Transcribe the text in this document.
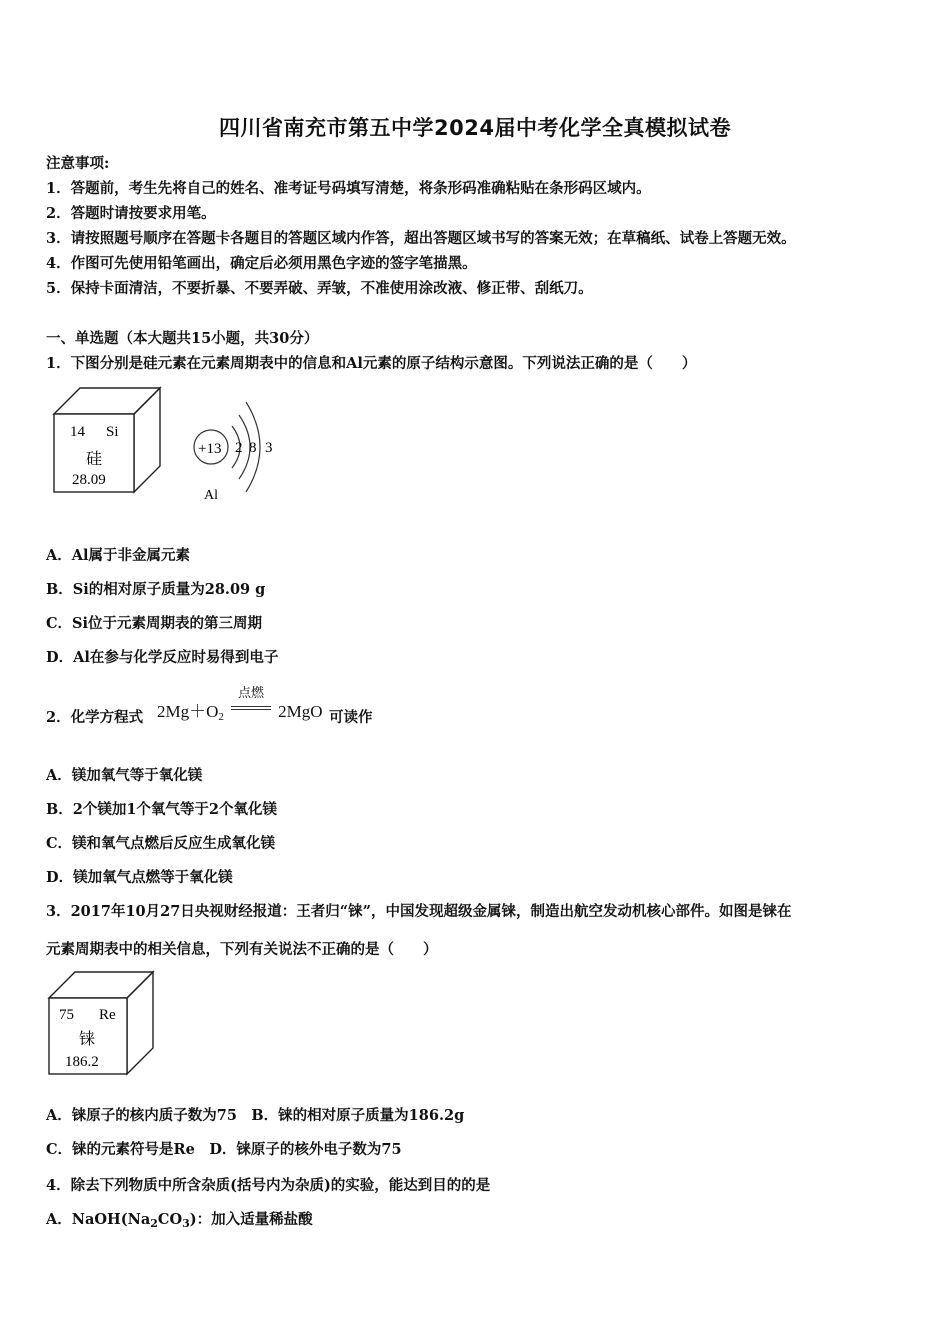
四川省南充市第五中学2024届中考化学全真模拟试卷
注意事项:
1．答题前，考生先将自己的姓名、准考证号码填写清楚，将条形码准确粘贴在条形码区域内。
2．答题时请按要求用笔。
3．请按照题号顺序在答题卡各题目的答题区域内作答，超出答题区域书写的答案无效；在草稿纸、试卷上答题无效。
4．作图可先使用铅笔画出，确定后必须用黑色字迹的签字笔描黑。
5．保持卡面清洁，不要折暴、不要弄破、弄皱，不准使用涂改液、修正带、刮纸刀。
一、单选题（本大题共15小题，共30分）
1．下图分别是硅元素在元素周期表中的信息和Al元素的原子结构示意图。下列说法正确的是（　　）
14 Si
硅
28.09
+13 2 8 3
Al
A．Al属于非金属元素
B．Si的相对原子质量为28.09 g
C．Si位于元素周期表的第三周期
D．Al在参与化学反应时易得到电子
2．化学方程式 $2Mg+O_2$
点燃
2MgO 可读作
A．镁加氧气等于氧化镁
B．2个镁加1个氧气等于2个氧化镁
C．镁和氧气点燃后反应生成氧化镁
D．镁加氧气点燃等于氧化镁
3．2017年10月27日央视财经报道：王者归“铼”，中国发现超级金属铼，制造出航空发动机核心部件。如图是铼在
元素周期表中的相关信息，下列有关说法不正确的是（　　）
75 Re
铼
186.2
A．铼原子的核内质子数为75　B．铼的相对原子质量为186.2g
C．铼的元素符号是Re　D．铼原子的核外电子数为75
4．除去下列物质中所含杂质(括号内为杂质)的实验，能达到目的的是
A．$NaOH(Na_2CO_3)$：加入适量稀盐酸
